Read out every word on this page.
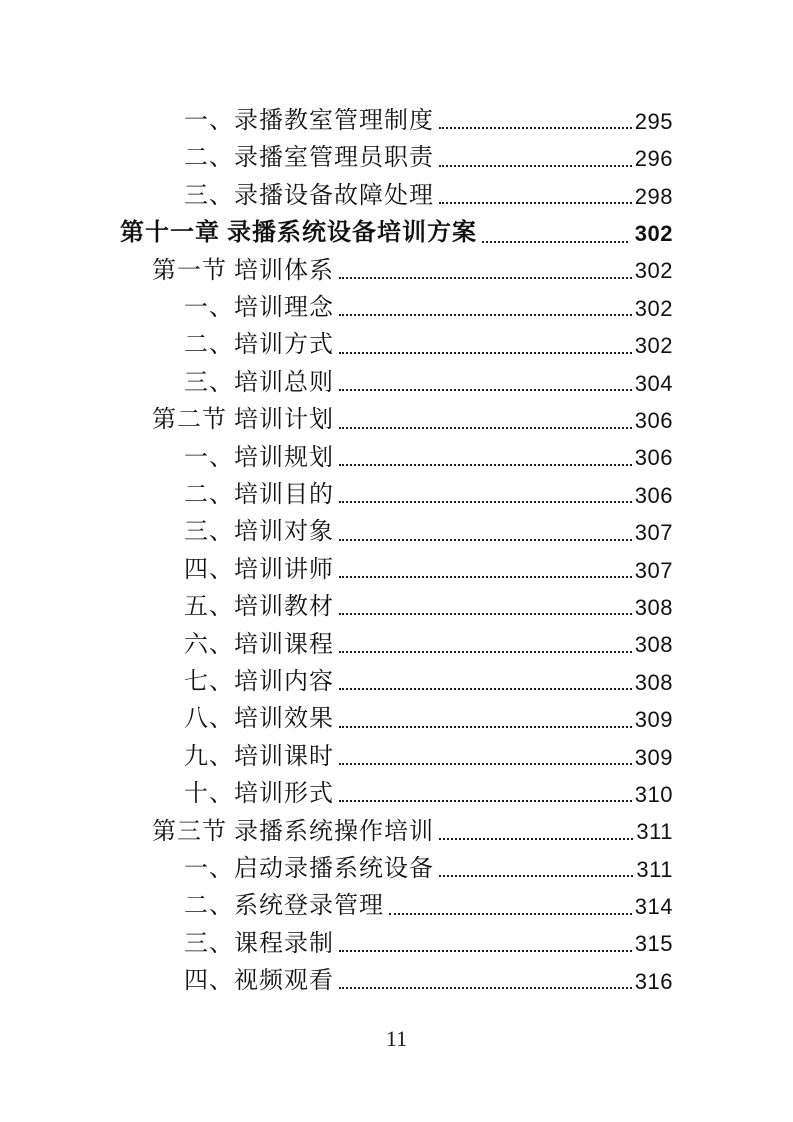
一、录播教室管理制度	295
二、录播室管理员职责	296
三、录播设备故障处理	298
第十一章 录播系统设备培训方案	302
第一节 培训体系	302
一、培训理念	302
二、培训方式	302
三、培训总则	304
第二节 培训计划	306
一、培训规划	306
二、培训目的	306
三、培训对象	307
四、培训讲师	307
五、培训教材	308
六、培训课程	308
七、培训内容	308
八、培训效果	309
九、培训课时	309
十、培训形式	310
第三节 录播系统操作培训	311
一、启动录播系统设备	311
二、系统登录管理	314
三、课程录制	315
四、视频观看	316
11
